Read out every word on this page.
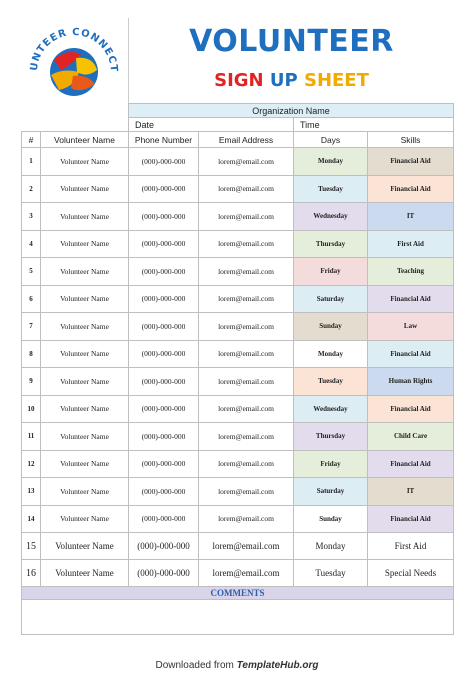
UNTEER CONNECT
VOLUNTEER
SIGN UP SHEET
		Organization Name			
		Date		Time	
#	Volunteer Name	Phone Number	Email Address	Days	Skills
1	Volunteer Name	(000)-000-000	lorem@email.com	Monday	Financial Aid
2	Volunteer Name	(000)-000-000	lorem@email.com	Tuesday	Financial Aid
3	Volunteer Name	(000)-000-000	lorem@email.com	Wednesday	IT
4	Volunteer Name	(000)-000-000	lorem@email.com	Thursday	First Aid
5	Volunteer Name	(000)-000-000	lorem@email.com	Friday	Teaching
6	Volunteer Name	(000)-000-000	lorem@email.com	Saturday	Financial Aid
7	Volunteer Name	(000)-000-000	lorem@email.com	Sunday	Law
8	Volunteer Name	(000)-000-000	lorem@email.com	Monday	Financial Aid
9	Volunteer Name	(000)-000-000	lorem@email.com	Tuesday	Human Rights
10	Volunteer Name	(000)-000-000	lorem@email.com	Wednesday	Financial Aid
11	Volunteer Name	(000)-000-000	lorem@email.com	Thursday	Child Care
12	Volunteer Name	(000)-000-000	lorem@email.com	Friday	Financial Aid
13	Volunteer Name	(000)-000-000	lorem@email.com	Saturday	IT
14	Volunteer Name	(000)-000-000	lorem@email.com	Sunday	Financial Aid
15	Volunteer Name	(000)-000-000	lorem@email.com	Monday	First Aid
16	Volunteer Name	(000)-000-000	lorem@email.com	Tuesday	Special Needs
COMMENTS					

Downloaded from TemplateHub.org
